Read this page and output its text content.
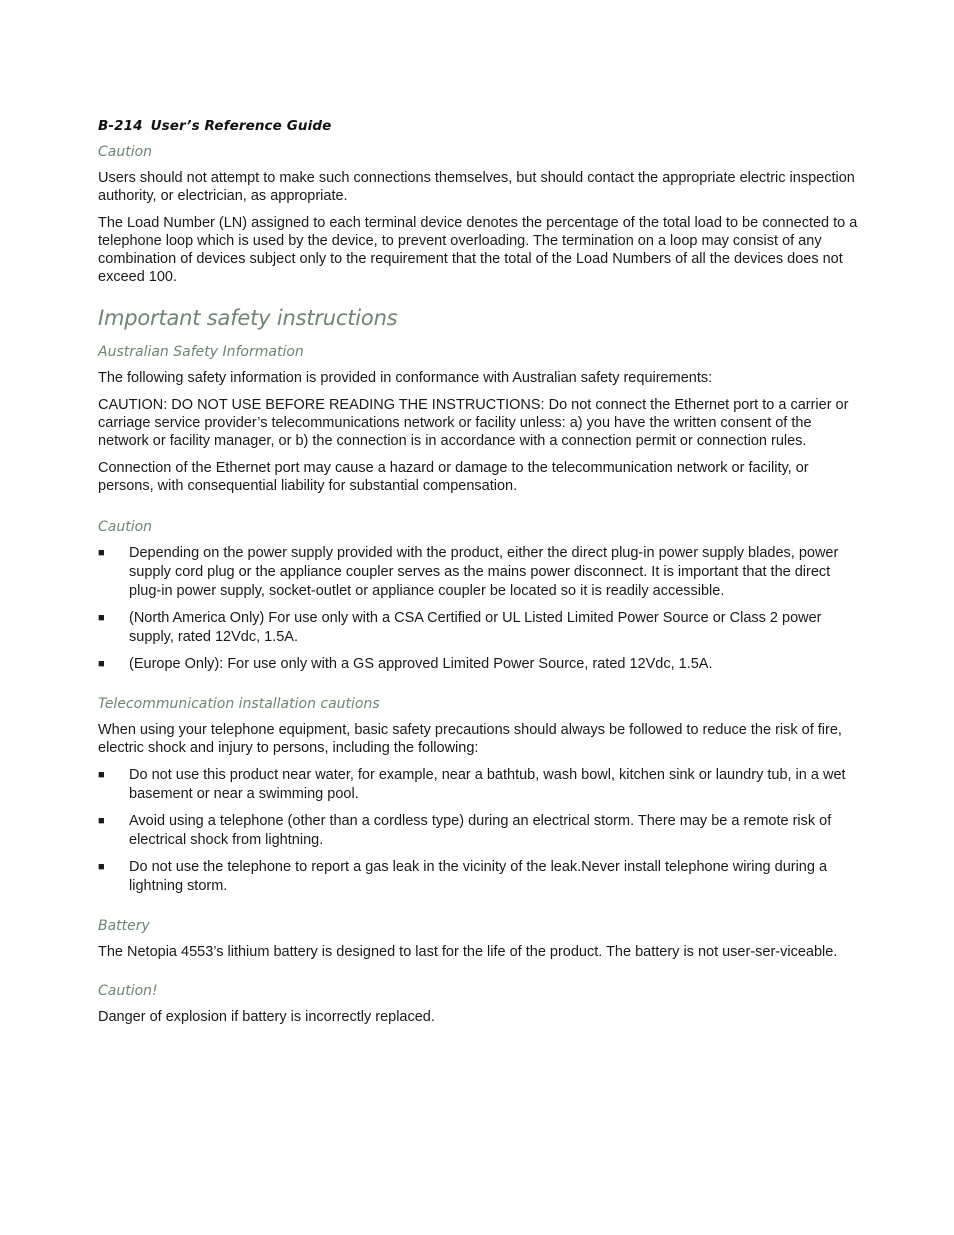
B-214 User’s Reference Guide
Caution

Users should not attempt to make such connections themselves, but should contact the appropriate electric inspection authority, or electrician, as appropriate.

The Load Number (LN) assigned to each terminal device denotes the percentage of the total load to be connected to a telephone loop which is used by the device, to prevent overloading. The termination on a loop may consist of any combination of devices subject only to the requirement that the total of the Load Numbers of all the devices does not exceed 100.

Important safety instructions
Australian Safety Information

The following safety information is provided in conformance with Australian safety requirements:

CAUTION: DO NOT USE BEFORE READING THE INSTRUCTIONS: Do not connect the Ethernet port to a carrier or carriage service provider’s telecommunications network or facility unless: a) you have the written consent of the network or facility manager, or b) the connection is in accordance with a connection permit or connection rules.

Connection of the Ethernet port may cause a hazard or damage to the telecommunication network or facility, or persons, with consequential liability for substantial compensation.

Caution
■ Depending on the power supply provided with the product, either the direct plug-in power supply blades, power supply cord plug or the appliance coupler serves as the mains power disconnect. It is important that the direct plug-in power supply, socket-outlet or appliance coupler be located so it is readily accessible.
■ (North America Only) For use only with a CSA Certified or UL Listed Limited Power Source or Class 2 power supply, rated 12Vdc, 1.5A.
■ (Europe Only): For use only with a GS approved Limited Power Source, rated 12Vdc, 1.5A.
Telecommunication installation cautions

When using your telephone equipment, basic safety precautions should always be followed to reduce the risk of fire, electric shock and injury to persons, including the following:

■ Do not use this product near water, for example, near a bathtub, wash bowl, kitchen sink or laundry tub, in a wet basement or near a swimming pool.
■ Avoid using a telephone (other than a cordless type) during an electrical storm. There may be a remote risk of electrical shock from lightning.
■ Do not use the telephone to report a gas leak in the vicinity of the leak.Never install telephone wiring during a lightning storm.
Battery

The Netopia 4553’s lithium battery is designed to last for the life of the product. The battery is not user-ser-viceable.

Caution!

Danger of explosion if battery is incorrectly replaced.
